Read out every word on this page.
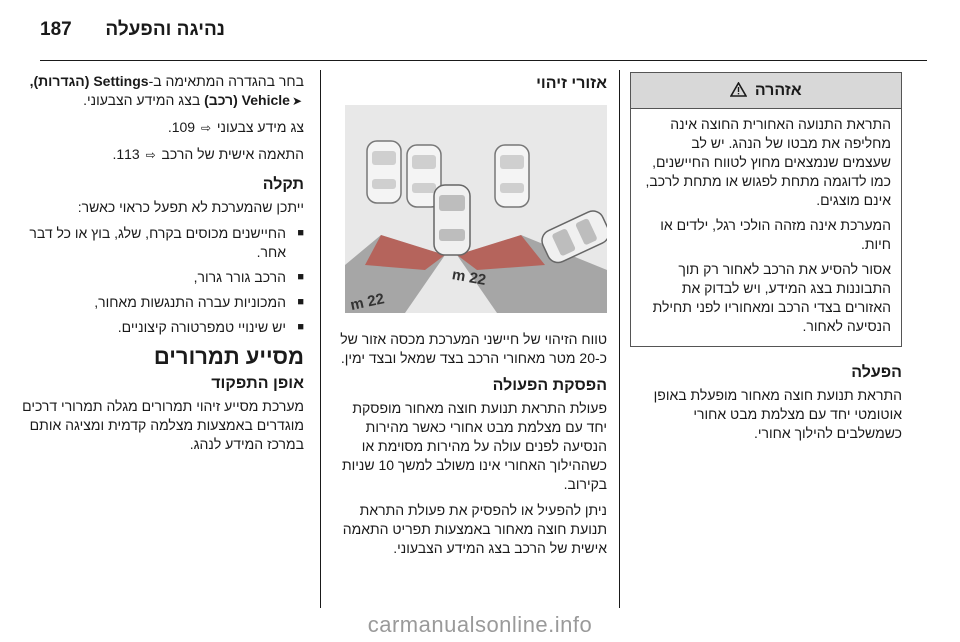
187 נהיגה והפעלה
אזהרה

התראת התנועה האחורית החוצה אינה מחליפה את מבטו של הנהג. יש לב שעצמים שנמצאים מחוץ לטווח החיישנים, כמו לדוגמה מתחת לפגוש או מתחת לרכב, אינם מוצגים.

המערכת אינה מזהה הולכי רגל, ילדים או חיות.

אסור להסיע את הרכב לאחור רק תוך התבוננות בצג המידע, ויש לבדוק את האזורים בצדי הרכב ומאחוריו לפני תחילת הנסיעה לאחור.

הפעלה

התראת תנועת חוצה מאחור מופעלת באופן אוטומטי יחד עם מצלמת מבט אחורי כשמשלבים להילוך אחורי.

אזורי זיהוי
22 m
22 m

טווח הזיהוי של חיישני המערכת מכסה אזור של כ-20 מטר מאחורי הרכב בצד שמאל ובצד ימין.

הפסקת הפעולה

פעולת התראת תנועת חוצה מאחור מופסקת יחד עם מצלמת מבט אחורי כאשר מהירות הנסיעה לפנים עולה על מהירות מסוימת או כשההילוך האחורי אינו משולב למשך 10 שניות בקירוב.

ניתן להפעיל או להפסיק את פעולת התראת תנועת חוצה מאחור באמצעות תפריט התאמה אישית של הרכב בצג המידע הצבעוני.

בחר בהגדרה המתאימה ב-Settings (הגדרות), ➤Vehicle (רכב) בצג המידע הצבעוני.

צג מידע צבעוני ⇨ 109.

התאמה אישית של הרכב ⇨ 113.

תקלה

ייתכן שהמערכת לא תפעל כראוי כאשר:

■ החיישנים מכוסים בקרח, שלג, בוץ או כל דבר אחר.
■ הרכב גורר גרור,
■ המכוניות עברה התנגשות מאחור,
■ יש שינויי טמפרטורה קיצוניים.
מסייע תמרורים
אופן התפקוד

מערכת מסייע זיהוי תמרורים מגלה תמרורי דרכים מוגדרים באמצעות מצלמה קדמית ומציגה אותם במרכז המידע לנהג.

carmanualsonline.info
